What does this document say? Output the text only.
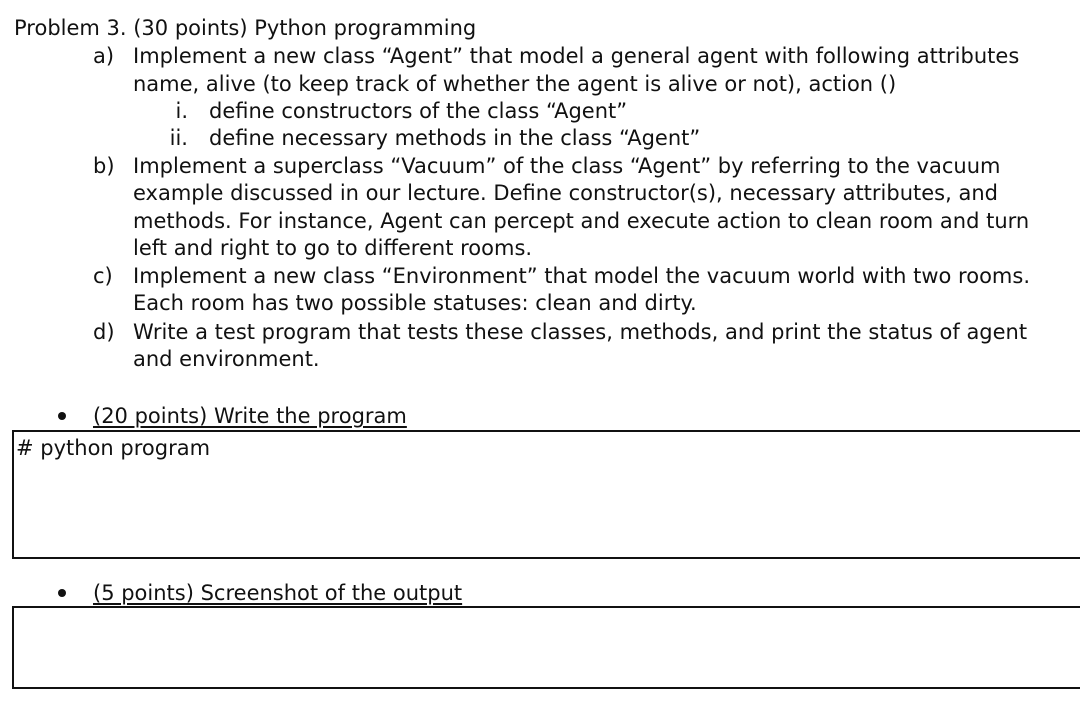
Problem 3. (30 points) Python programming
a) Implement a new class “Agent” that model a general agent with following attributes
name, alive (to keep track of whether the agent is alive or not), action ()
i. define constructors of the class “Agent”
ii. define necessary methods in the class “Agent”
b) Implement a superclass “Vacuum” of the class “Agent” by referring to the vacuum
example discussed in our lecture. Define constructor(s), necessary attributes, and
methods. For instance, Agent can percept and execute action to clean room and turn
left and right to go to different rooms.
c) Implement a new class “Environment” that model the vacuum world with two rooms.
Each room has two possible statuses: clean and dirty.
d) Write a test program that tests these classes, methods, and print the status of agent
and environment.
(20 points) Write the program
# python program
(5 points) Screenshot of the output
